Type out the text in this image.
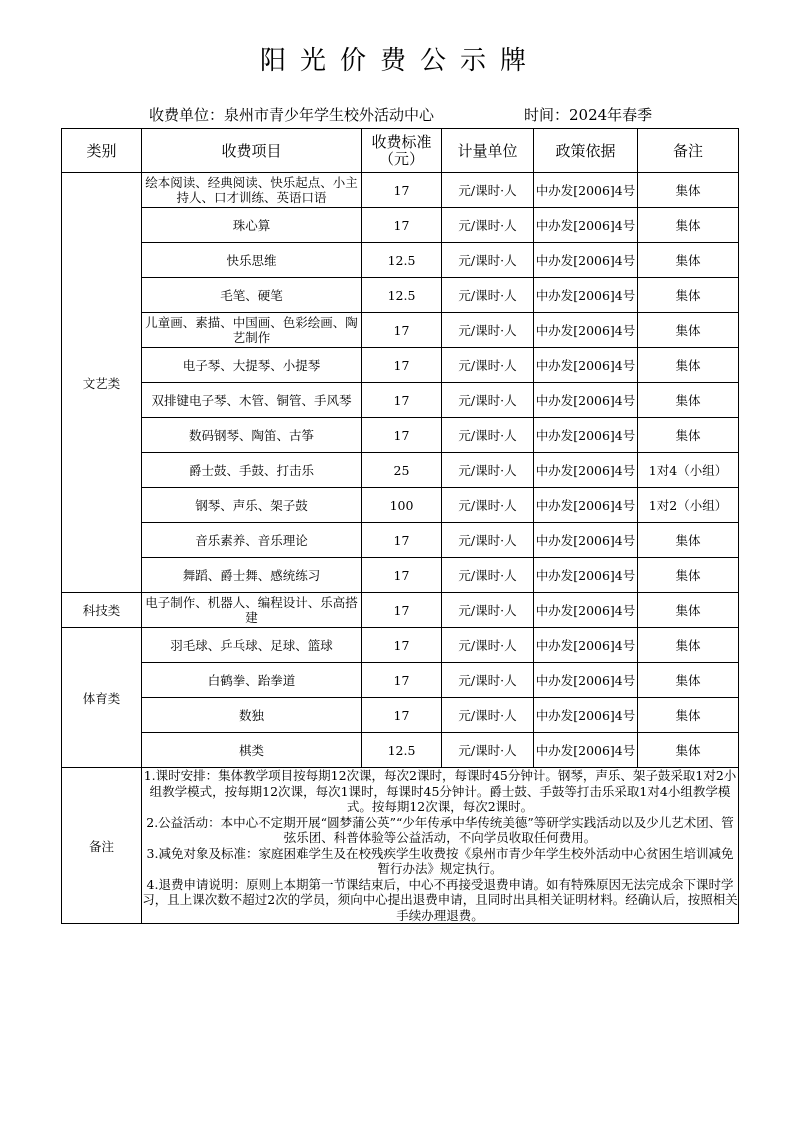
阳光价费公示牌
收费单位：泉州市青少年学生校外活动中心	时间：2024年春季
类别	收费项目	收费标准（元）	计量单位	政策依据	备注
文艺类	绘本阅读、经典阅读、快乐起点、小主持人、口才训练、英语口语	17	元/课时·人	中办发[2006]4号	集体
	珠心算	17	元/课时·人	中办发[2006]4号	集体
	快乐思维	12.5	元/课时·人	中办发[2006]4号	集体
	毛笔、硬笔	12.5	元/课时·人	中办发[2006]4号	集体
	儿童画、素描、中国画、色彩绘画、陶艺制作	17	元/课时·人	中办发[2006]4号	集体
	电子琴、大提琴、小提琴	17	元/课时·人	中办发[2006]4号	集体
	双排键电子琴、木管、铜管、手风琴	17	元/课时·人	中办发[2006]4号	集体
	数码钢琴、陶笛、古筝	17	元/课时·人	中办发[2006]4号	集体
	爵士鼓、手鼓、打击乐	25	元/课时·人	中办发[2006]4号	1对4（小组）
	钢琴、声乐、架子鼓	100	元/课时·人	中办发[2006]4号	1对2（小组）
	音乐素养、音乐理论	17	元/课时·人	中办发[2006]4号	集体
	舞蹈、爵士舞、感统练习	17	元/课时·人	中办发[2006]4号	集体
科技类	电子制作、机器人、编程设计、乐高搭建	17	元/课时·人	中办发[2006]4号	集体
体育类	羽毛球、乒乓球、足球、篮球	17	元/课时·人	中办发[2006]4号	集体
	白鹤拳、跆拳道	17	元/课时·人	中办发[2006]4号	集体
	数独	17	元/课时·人	中办发[2006]4号	集体
	棋类	12.5	元/课时·人	中办发[2006]4号	集体
备注	1.课时安排：集体教学项目按每期12次课，每次2课时，每课时45分钟计。钢琴，声乐、架子鼓采取1对2小组教学模式，按每期12次课，每次1课时，每课时45分钟计。爵士鼓、手鼓等打击乐采取1对4小组教学模式。按每期12次课，每次2课时。
2.公益活动：本中心不定期开展“圆梦蒲公英”“少年传承中华传统美德”等研学实践活动以及少儿艺术团、管弦乐团、科普体验等公益活动，不向学员收取任何费用。
3.减免对象及标准：家庭困难学生及在校残疾学生收费按《泉州市青少年学生校外活动中心贫困生培训减免暂行办法》规定执行。
4.退费申请说明：原则上本期第一节课结束后，中心不再接受退费申请。如有特殊原因无法完成余下课时学习，且上课次数不超过2次的学员，须向中心提出退费申请，且同时出具相关证明材料。经确认后，按照相关手续办理退费。				
